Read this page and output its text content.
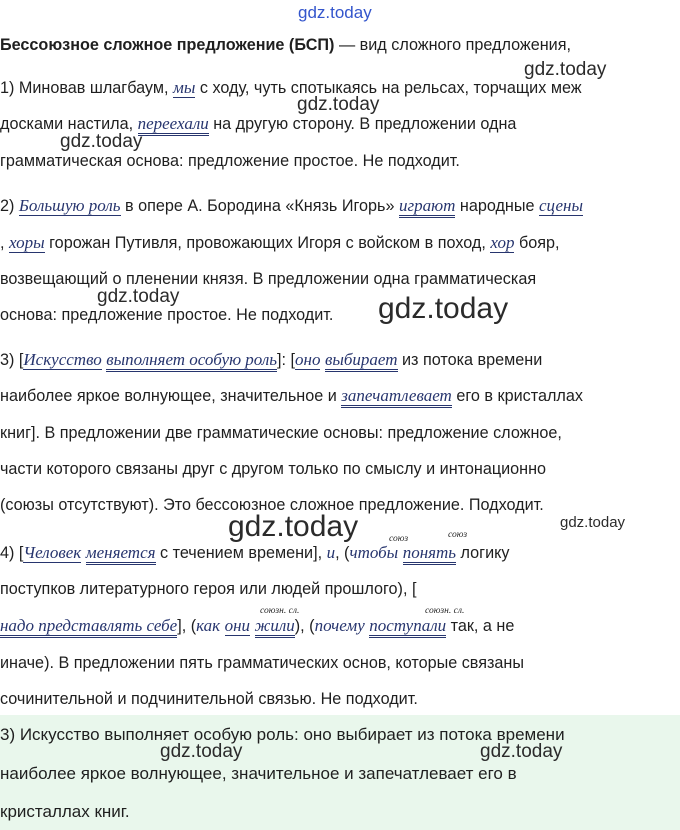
gdz.today
gdz.today
gdz.today
gdz.today
gdz.today	gdz.today
gdz.today	gdz.today
Бессоюзное сложное предложение (БСП) — вид сложного предложения,
1) Миновав шлагбаум, мы с ходу, чуть спотыкаясь на рельсах, торчащих меж
досками настила, переехали на другую сторону. В предложении одна
грамматическая основа: предложение простое. Не подходит.
2) Большую роль в опере А. Бородина «Князь Игорь» играют народные сцены
, хоры горожан Путивля, провожающих Игоря с войском в поход, хор бояр,
возвещающий о пленении князя. В предложении одна грамматическая
основа: предложение простое. Не подходит.
3) [Искусство выполняет особую роль]: [оно выбирает из потока времени
наиболее яркое волнующее, значительное и запечатлевает его в кристаллах
книг]. В предложении две грамматические основы: предложение сложное,
части которого связаны друг с другом только по смыслу и интонационно
(союзы отсутствуют). Это бессоюзное сложное предложение. Подходит.
союз	союз
4) [Человек меняется с течением времени], и, (чтобы понять логику
поступков литературного героя или людей прошлого), [
союзн. сл.	союзн. сл.
надо представлять себе], (как они жили), (почему поступали так, а не
иначе). В предложении пять грамматических основ, которые связаны
сочинительной и подчинительной связью. Не подходит.
3) Искусство выполняет особую роль: оно выбирает из потока времени
gdz.today	gdz.today
наиболее яркое волнующее, значительное и запечатлевает его в
кристаллах книг.
